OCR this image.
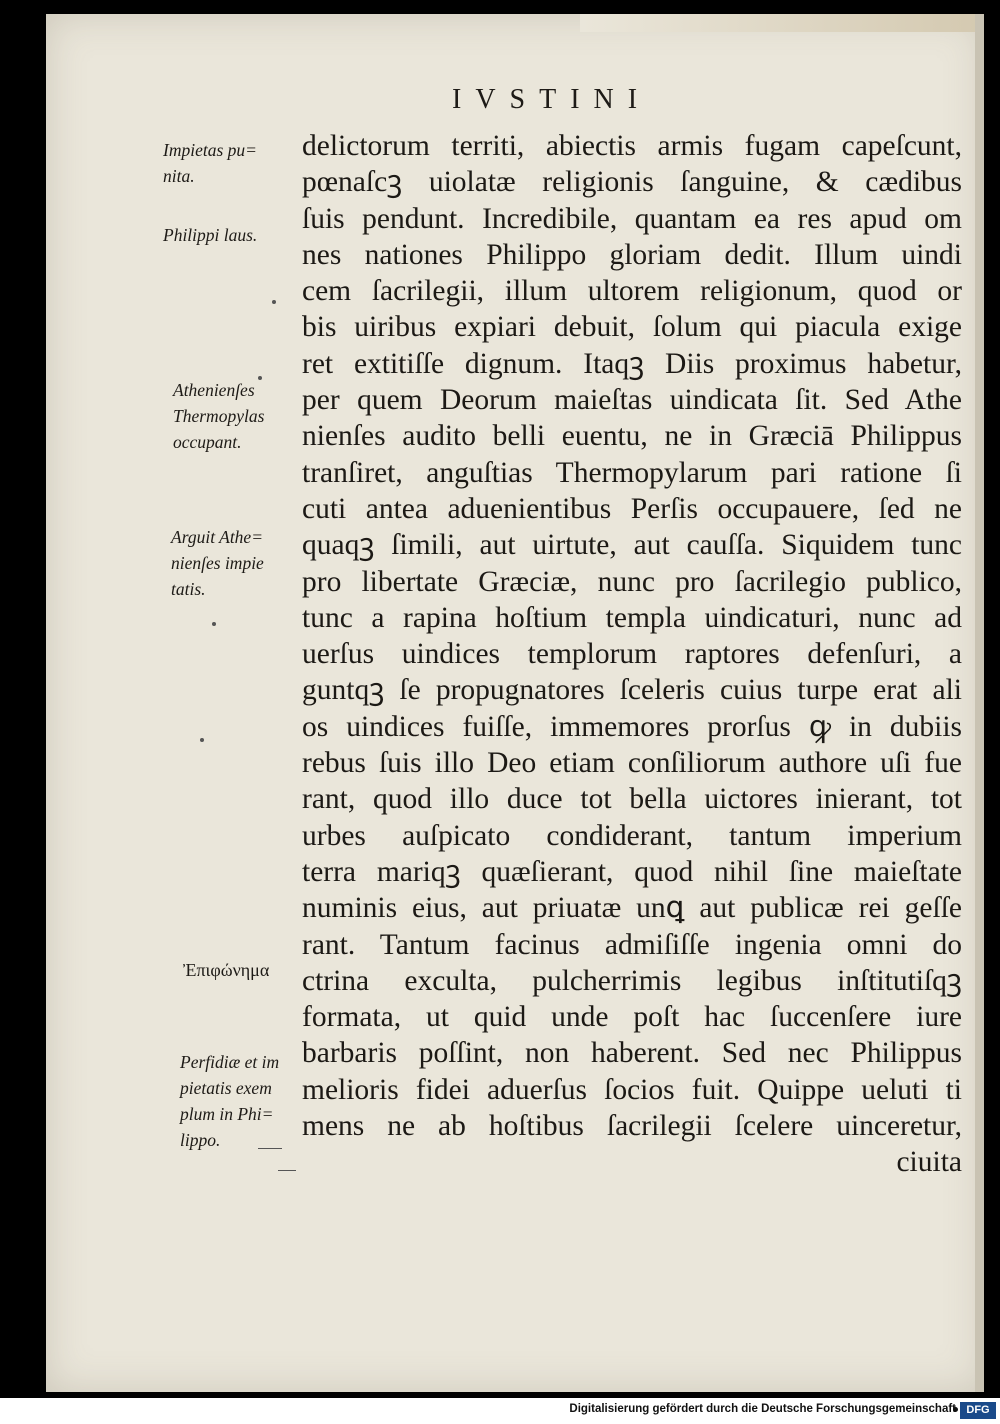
IVSTINI
delictorum territi, abiectis armis fugam capeſcunt,
pœnaſcꝫ uiolatæ religionis ſanguine, & cædibus
ſuis pendunt. Incredibile, quantam ea res apud om
nes nationes Philippo gloriam dedit. Illum uindi
cem ſacrilegii, illum ultorem religionum, quod or
bis uiribus expiari debuit, ſolum qui piacula exige
ret extitiſſe dignum. Itaqꝫ Diis proximus habetur,
per quem Deorum maieſtas uindicata ſit. Sed Athe
nienſes audito belli euentu, ne in Græciā Philippus
tranſiret, anguſtias Thermopylarum pari ratione ſi
cuti antea aduenientibus Perſis occupauere, ſed ne
quaqꝫ ſimili, aut uirtute, aut cauſſa. Siquidem tunc
pro libertate Græciæ, nunc pro ſacrilegio publico,
tunc a rapina hoſtium templa uindicaturi, nunc ad
uerſus uindices templorum raptores defenſuri, a
guntqꝫ ſe propugnatores ſceleris cuius turpe erat ali
os uindices fuiſſe, immemores prorſus ꝙ in dubiis
rebus ſuis illo Deo etiam conſiliorum authore uſi fue
rant, quod illo duce tot bella uictores inierant, tot
urbes auſpicato condiderant, tantum imperium
terra mariqꝫ quæſierant, quod nihil ſine maieſtate
numinis eius, aut priuatæ unꝗ aut publicæ rei geſſe
rant. Tantum facinus admiſiſſe ingenia omni do
ctrina exculta, pulcherrimis legibus inſtitutiſqꝫ
formata, ut quid unde poſt hac ſuccenſere iure
barbaris poſſint, non haberent. Sed nec Philippus
melioris fidei aduerſus ſocios fuit. Quippe ueluti ti
mens ne ab hoſtibus ſacrilegii ſcelere uinceretur,
ciuita
Impietas pu=
nita.
Philippi laus.
Athenienſes
Thermopylas
occupant.
Arguit Athe=
nienſes impie
tatis.
Ἐπιφώνημα
Perfidiæ et im
pietatis exem
plum in Phi=
lippo.
Digitalisierung gefördert durch die Deutsche Forschungsgemeinschaft DFG
